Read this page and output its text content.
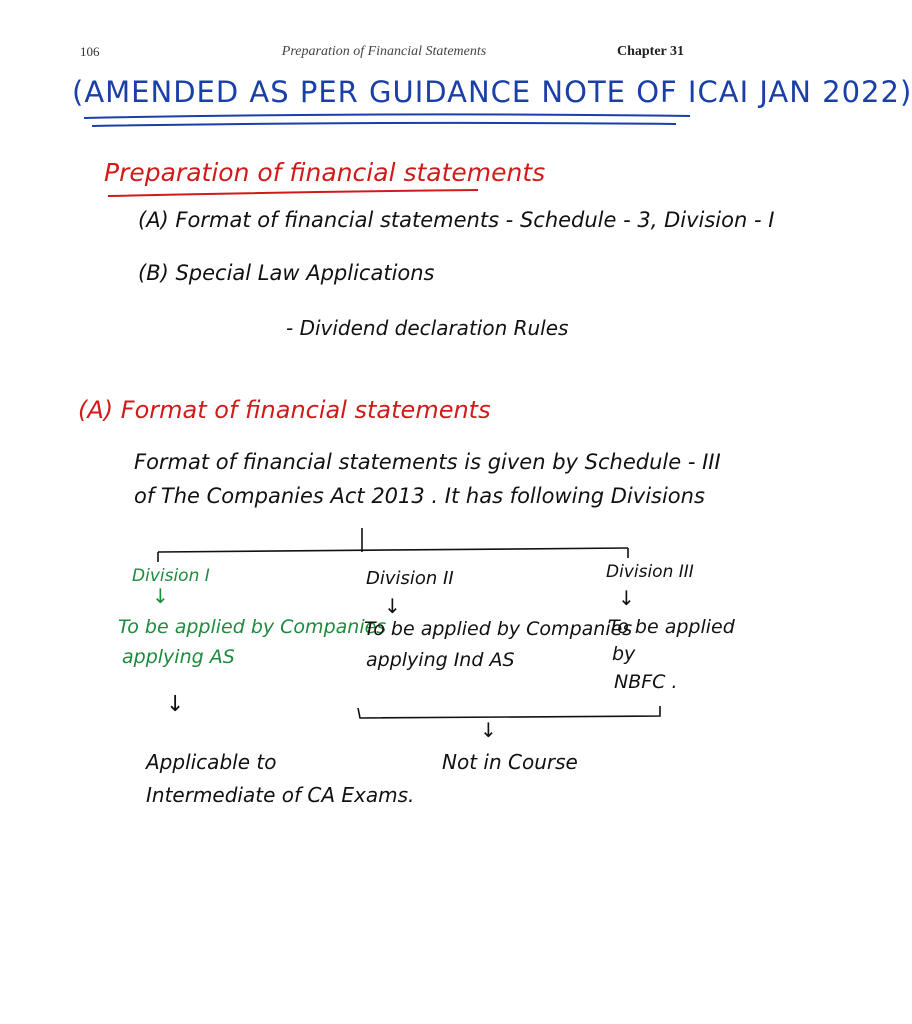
106	Preparation of Financial Statements	Chapter 31
(AMENDED AS PER GUIDANCE NOTE OF ICAI JAN 2022)
Preparation of financial statements
(A) Format of financial statements - Schedule - 3, Division - I
(B) Special Law Applications
- Dividend declaration Rules
(A) Format of financial statements
Format of financial statements is given by Schedule - III
of The Companies Act 2013 . It has following Divisions
Division I
↓
To be applied by Companies
applying AS
↓
Division II
↓
To be applied by Companies
applying Ind AS
Division III
↓
To be applied
by
NBFC .
↓
Applicable to
Intermediate of CA Exams.
Not in Course
